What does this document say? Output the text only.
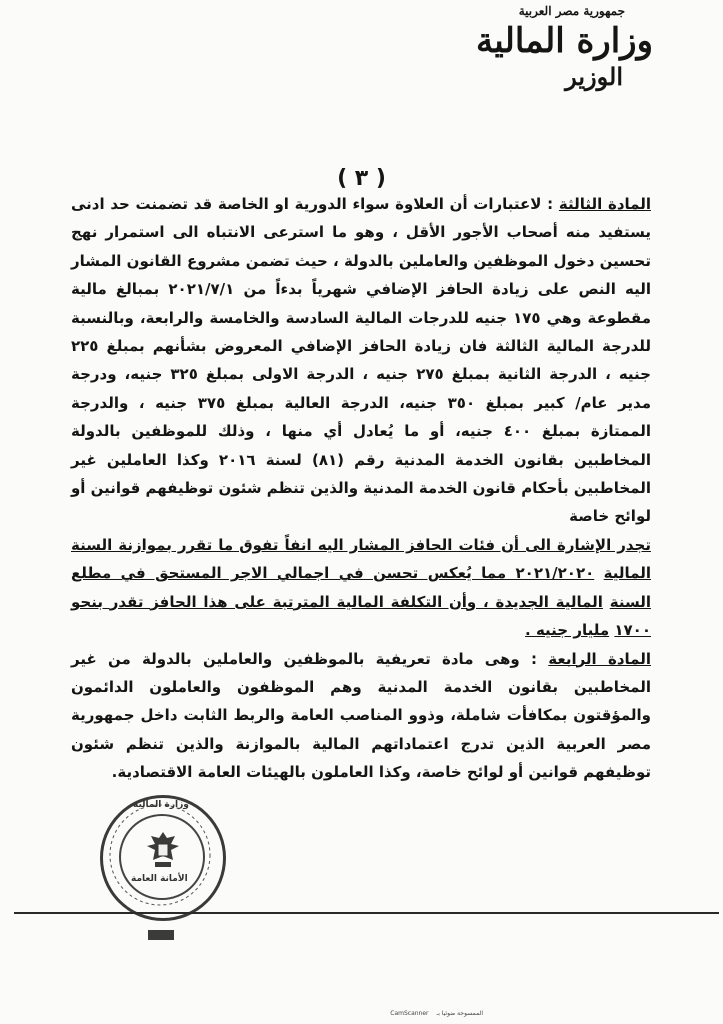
جمهورية مصر العربية
وزارة المالية
الوزير
( ٣ )

المادة الثالثة : لاعتبارات أن العلاوة سواء الدورية او الخاصة قد تضمنت حد ادنى يستفيد منه أصحاب الأجور الأقل ، وهو ما استرعى الانتباه الى استمرار نهج تحسين دخول الموظفين والعاملين بالدولة ، حيث تضمن مشروع القانون المشار اليه النص على زيادة الحافز الإضافي شهرياً بدءاً من ٢٠٢١/٧/١ بمبالغ مالية مقطوعة وهي ١٧٥ جنيه للدرجات المالية السادسة والخامسة والرابعة، وبالنسبة للدرجة المالية الثالثة فان زيادة الحافز الإضافي المعروض بشأنهم بمبلغ ٢٢٥ جنيه ، الدرجة الثانية بمبلغ ٢٧٥ جنيه ، الدرجة الاولى بمبلغ ٣٢٥ جنيه، ودرجة مدير عام/ كبير بمبلغ ٣٥٠ جنيه، الدرجة العالية بمبلغ ٣٧٥ جنيه ، والدرجة الممتازة بمبلغ ٤٠٠ جنيه، أو ما يُعادل أي منها ، وذلك للموظفين بالدولة المخاطبين بقانون الخدمة المدنية رقم (٨١) لسنة ٢٠١٦ وكذا العاملين غير المخاطبين بأحكام قانون الخدمة المدنية والذين تنظم شئون توظيفهم قوانين أو لوائح خاصة

تجدر الإشارة الى أن فئات الحافز المشار اليه انفاً تفوق ما تقرر بموازنة السنة المالية ٢٠٢١/٢٠٢٠ مما يُعكس تحسن في اجمالي الاجر المستحق في مطلع السنة المالية الجديدة ، وأن التكلفة المالية المترتبة على هذا الحافز تقدر بنحو ١٧٠٠ مليار جنيه .

المادة الرابعة : وهى مادة تعريفية بالموظفين والعاملين بالدولة من غير المخاطبين بقانون الخدمة المدنية وهم الموظفون والعاملون الدائمون والمؤقتون بمكافأت شاملة، وذوو المناصب العامة والربط الثابت داخل جمهورية مصر العربية الذين تدرج اعتماداتهم المالية بالموازنة والذين تنظم شئون توظيفهم قوانين أو لوائح خاصة، وكذا العاملون بالهيئات العامة الاقتصادية.

الأمانة العامة
وزارة المالية
الممسوحة ضوئيا بـ CamScanner
